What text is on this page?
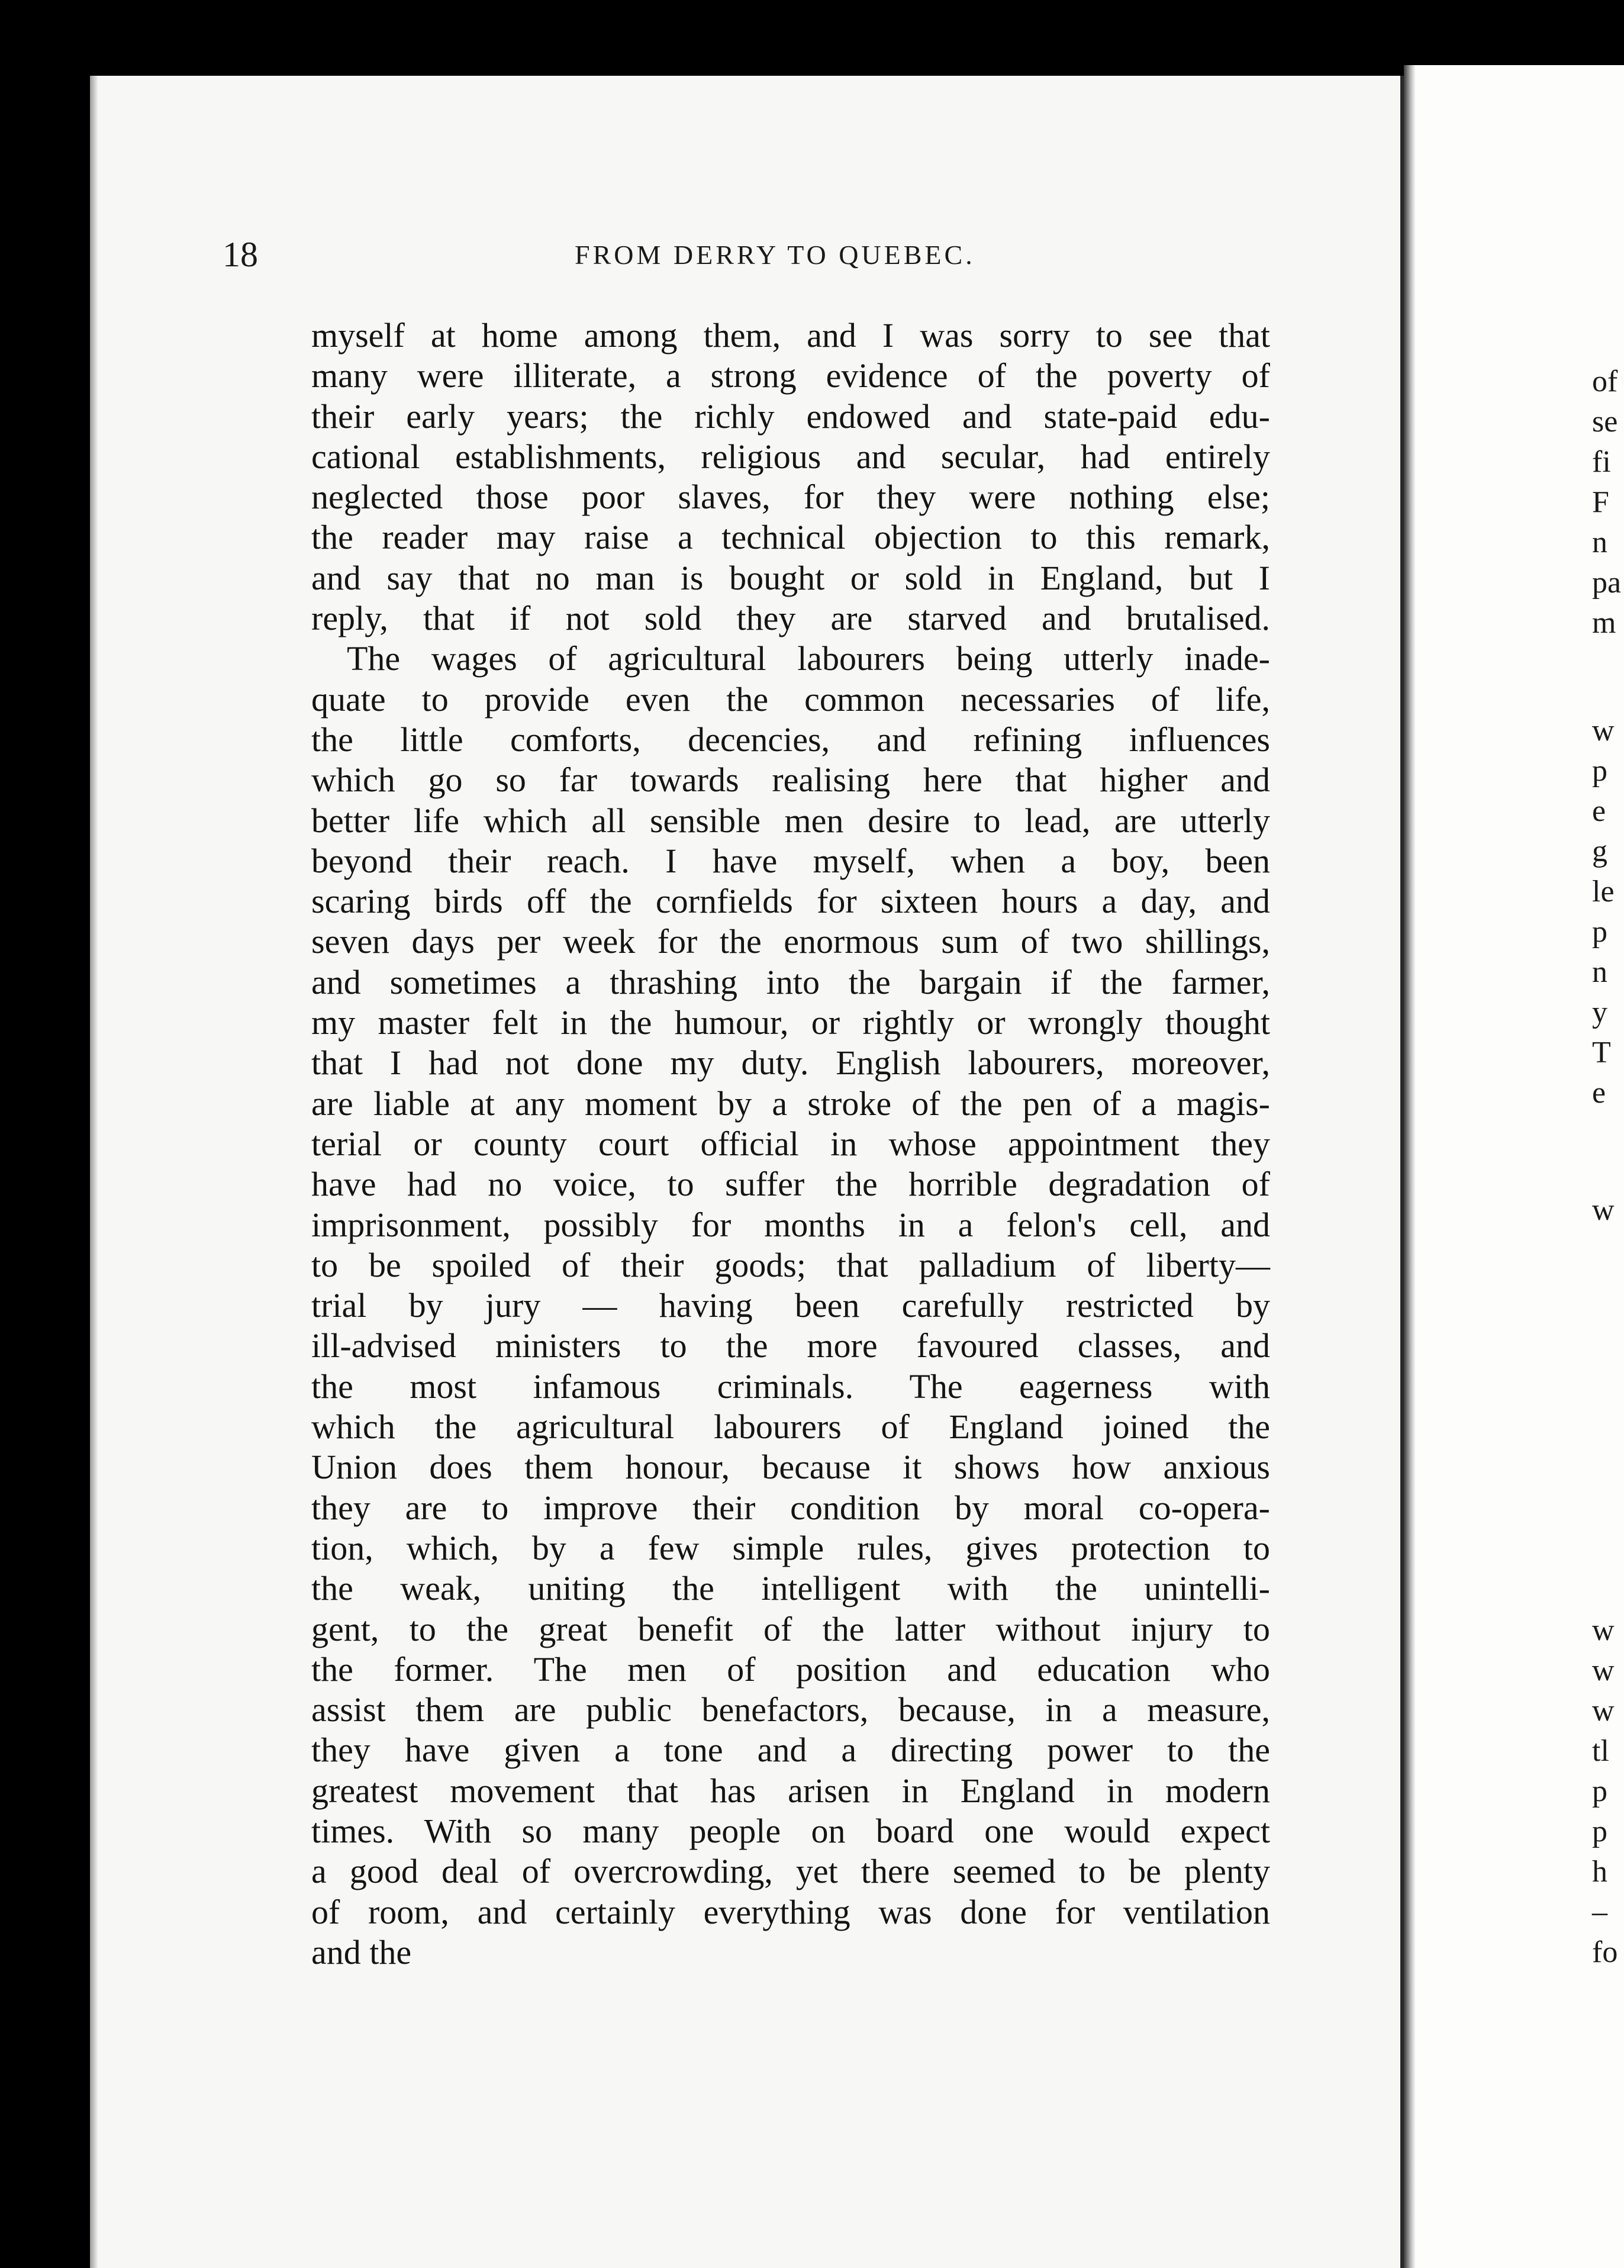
18	FROM DERRY TO QUEBEC.
myself at home among them, and I was sorry to see that
many were illiterate, a strong evidence of the poverty of
their early years; the richly endowed and state-paid edu-
cational establishments, religious and secular, had entirely
neglected those poor slaves, for they were nothing else;
the reader may raise a technical objection to this remark,
and say that no man is bought or sold in England, but I
reply, that if not sold they are starved and brutalised.
The wages of agricultural labourers being utterly inade-
quate to provide even the common necessaries of life,
the little comforts, decencies, and refining influences
which go so far towards realising here that higher and
better life which all sensible men desire to lead, are utterly
beyond their reach. I have myself, when a boy, been
scaring birds off the cornfields for sixteen hours a day, and
seven days per week for the enormous sum of two shillings,
and sometimes a thrashing into the bargain if the farmer,
my master felt in the humour, or rightly or wrongly thought
that I had not done my duty. English labourers, moreover,
are liable at any moment by a stroke of the pen of a magis-
terial or county court official in whose appointment they
have had no voice, to suffer the horrible degradation of
imprisonment, possibly for months in a felon's cell, and
to be spoiled of their goods; that palladium of liberty—
trial by jury — having been carefully restricted by
ill-advised ministers to the more favoured classes, and
the most infamous criminals. The eagerness with
which the agricultural labourers of England joined the
Union does them honour, because it shows how anxious
they are to improve their condition by moral co-opera-
tion, which, by a few simple rules, gives protection to
the weak, uniting the intelligent with the unintelli-
gent, to the great benefit of the latter without injury to
the former. The men of position and education who
assist them are public benefactors, because, in a measure,
they have given a tone and a directing power to the
greatest movement that has arisen in England in modern
times. With so many people on board one would expect
a good deal of overcrowding, yet there seemed to be plenty
of room, and certainly everything was done for ventilation
and the
of
se
fi
F
n
pa
m
w
p
e
g
le
p
n
y
T
e
w
w
w
w
tl
p
p
h
–
fo
